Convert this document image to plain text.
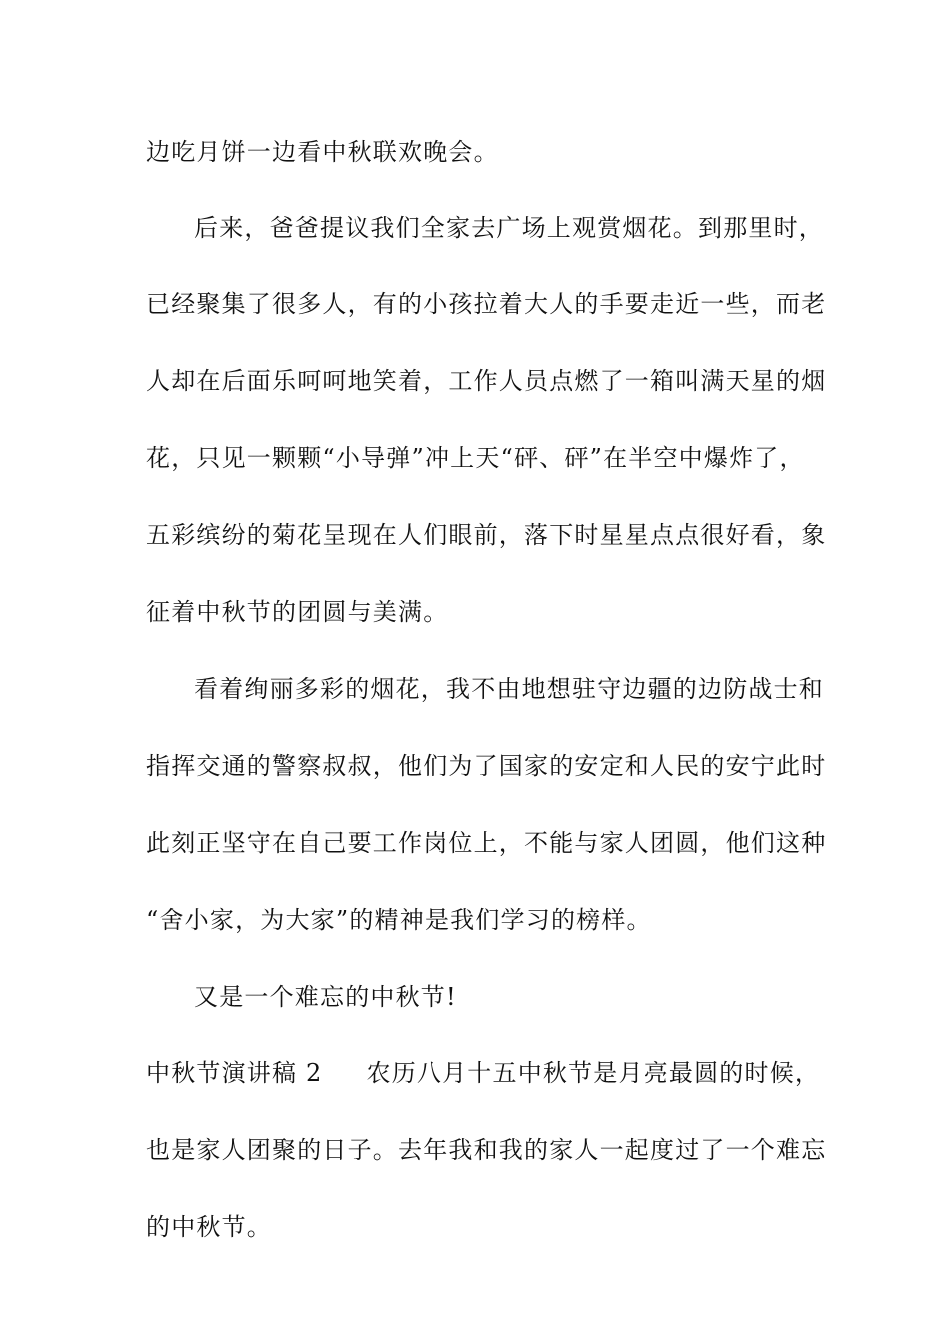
边吃月饼一边看中秋联欢晚会。
后来，爸爸提议我们全家去广场上观赏烟花。到那里时，
已经聚集了很多人，有的小孩拉着大人的手要走近一些，而老
人却在后面乐呵呵地笑着，工作人员点燃了一箱叫满天星的烟
花，只见一颗颗“小导弹”冲上天“砰、砰”在半空中爆炸了，
五彩缤纷的菊花呈现在人们眼前，落下时星星点点很好看，象
征着中秋节的团圆与美满。
看着绚丽多彩的烟花，我不由地想驻守边疆的边防战士和
指挥交通的警察叔叔，他们为了国家的安定和人民的安宁此时
此刻正坚守在自己要工作岗位上，不能与家人团圆，他们这种
“舍小家，为大家”的精神是我们学习的榜样。
又是一个难忘的中秋节!
中秋节演讲稿 2 农历八月十五中秋节是月亮最圆的时候，
也是家人团聚的日子。去年我和我的家人一起度过了一个难忘
的中秋节。
